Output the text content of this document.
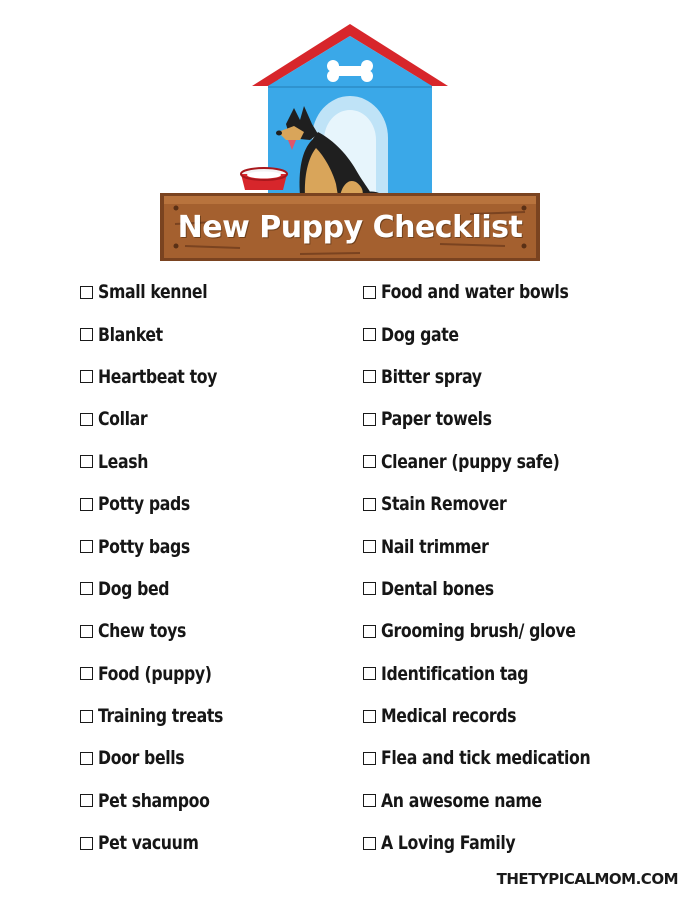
New Puppy Checklist
Small kennel
Blanket
Heartbeat toy
Collar
Leash
Potty pads
Potty bags
Dog bed
Chew toys
Food (puppy)
Training treats
Door bells
Pet shampoo
Pet vacuum
Food and water bowls
Dog gate
Bitter spray
Paper towels
Cleaner (puppy safe)
Stain Remover
Nail trimmer
Dental bones
Grooming brush/ glove
Identification tag
Medical records
Flea and tick medication
An awesome name
A Loving Family
THETYPICALMOM.COM
